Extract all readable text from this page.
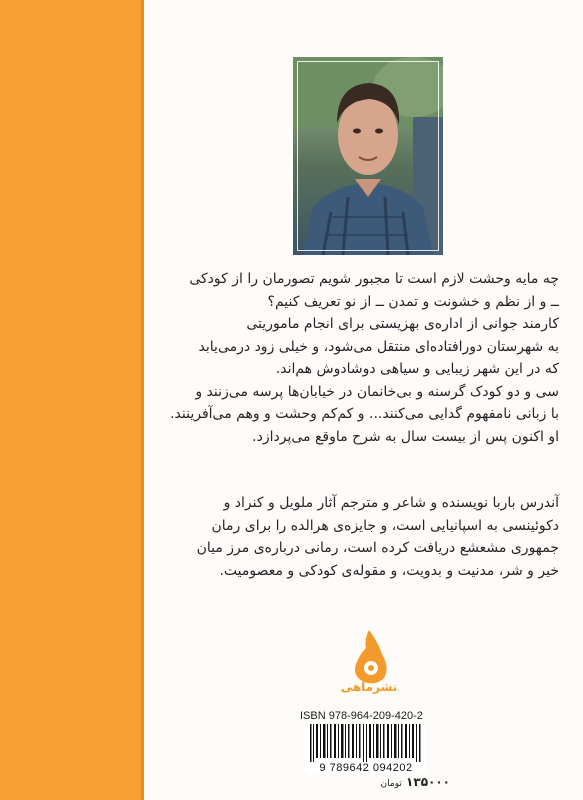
چه مایه وحشت لازم است تا مجبور شویم تصورمان را از کودکی

ــ و از نظم و خشونت و تمدن ــ از نو تعریف کنیم؟

کارمند جوانی از اداره‌ی بهزیستی برای انجام ماموریتی

به شهرستان دورافتاده‌ای منتقل می‌شود، و خیلی زود درمی‌یابد

که در این شهر زیبایی و سیاهی دوشادوش هم‌اند.

سی و دو کودک گرسنه و بی‌خانمان در خیابان‌ها پرسه می‌زنند و

با زبانی نامفهوم گدایی می‌کنند... و کم‌کم وحشت و وهم می‌آفرینند.

او اکنون پس از بیست سال به شرح ماوقع می‌پردازد.

آندرس باربا نویسنده و شاعر و مترجم آثار ملویل و کنراد و

دکوئینسی به اسپانیایی است، و جایزه‌ی هرالده را برای رمان

جمهوری مشعشع دریافت کرده است، رمانی درباره‌ی مرز میان

خیر و شر، مدنیت و بدویت، و مقوله‌ی کودکی و معصومیت.

نشرماهی
ISBN 978-964-209-420-2
9 789642 094202
۱۳۵۰۰۰ تومان
